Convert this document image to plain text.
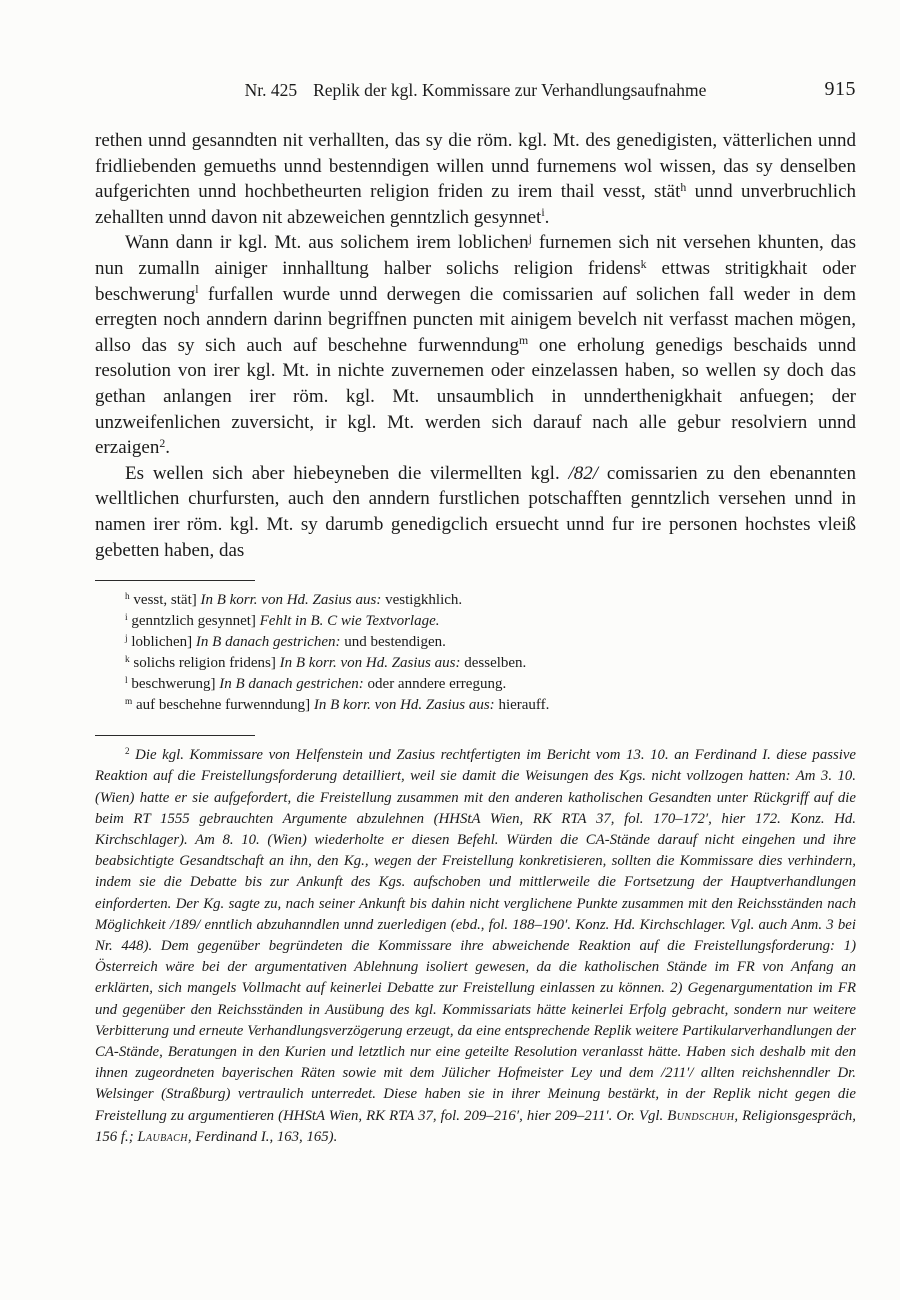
Nr. 425 Replik der kgl. Kommissare zur Verhandlungsaufnahme	915

rethen unnd gesanndten nit verhallten, das sy die röm. kgl. Mt. des genedigisten, vätterlichen unnd fridliebenden gemueths unnd bestenndigen willen unnd furnemens wol wissen, das sy denselben aufgerichten unnd hochbetheurten religion friden zu irem thail vesst, stät$^h$ unnd unverbruchlich zehallten unnd davon nit abzeweichen genntzlich gesynnet$^i$.

Wann dann ir kgl. Mt. aus solichem irem loblichen$^j$ furnemen sich nit versehen khunten, das nun zumalln ainiger innhalltung halber solichs religion fridens$^k$ ettwas stritigkhait oder beschwerung$^l$ furfallen wurde unnd derwegen die comissarien auf solichen fall weder in dem erregten noch anndern darinn begriffnen puncten mit ainigem bevelch nit verfasst machen mögen, allso das sy sich auch auf beschehne furwenndung$^m$ one erholung genedigs beschaids unnd resolution von irer kgl. Mt. in nichte zuvernemen oder einzelassen haben, so wellen sy doch das gethan anlangen irer röm. kgl. Mt. unsaumblich in unnderthenigkhait anfuegen; der unzweifenlichen zuversicht, ir kgl. Mt. werden sich darauf nach alle gebur resolviern unnd erzaigen$^2$.

Es wellen sich aber hiebeyneben die vilermellten kgl. /82/ comissarien zu den ebenannten welltlichen churfursten, auch den anndern furstlichen potschafften genntzlich versehen unnd in namen irer röm. kgl. Mt. sy darumb genedigclich ersuecht unnd fur ire personen hochstes vleiß gebetten haben, das

$^h$ vesst, stät] In B korr. von Hd. Zasius aus: vestigkhlich.
$^i$ genntzlich gesynnet] Fehlt in B. C wie Textvorlage.
$^j$ loblichen] In B danach gestrichen: und bestendigen.
$^k$ solichs religion fridens] In B korr. von Hd. Zasius aus: desselben.
$^l$ beschwerung] In B danach gestrichen: oder anndere erregung.
$^m$ auf beschehne furwenndung] In B korr. von Hd. Zasius aus: hierauff.

$^2$ Die kgl. Kommissare von Helfenstein und Zasius rechtfertigten im Bericht vom 13. 10. an Ferdinand I. diese passive Reaktion auf die Freistellungsforderung detailliert, weil sie damit die Weisungen des Kgs. nicht vollzogen hatten: Am 3. 10. (Wien) hatte er sie aufgefordert, die Freistellung zusammen mit den anderen katholischen Gesandten unter Rückgriff auf die beim RT 1555 gebrauchten Argumente abzulehnen (HHStA Wien, RK RTA 37, fol. 170–172′, hier 172. Konz. Hd. Kirchschlager). Am 8. 10. (Wien) wiederholte er diesen Befehl. Würden die CA-Stände darauf nicht eingehen und ihre beabsichtigte Gesandtschaft an ihn, den Kg., wegen der Freistellung konkretisieren, sollten die Kommissare dies verhindern, indem sie die Debatte bis zur Ankunft des Kgs. aufschoben und mittlerweile die Fortsetzung der Hauptverhandlungen einforderten. Der Kg. sagte zu, nach seiner Ankunft bis dahin nicht verglichene Punkte zusammen mit den Reichsständen nach Möglichkeit /189/ enntlich abzuhanndlen unnd zuerledigen (ebd., fol. 188–190′. Konz. Hd. Kirchschlager. Vgl. auch Anm. 3 bei Nr. 448). Dem gegenüber begründeten die Kommissare ihre abweichende Reaktion auf die Freistellungsforderung: 1) Österreich wäre bei der argumentativen Ablehnung isoliert gewesen, da die katholischen Stände im FR von Anfang an erklärten, sich mangels Vollmacht auf keinerlei Debatte zur Freistellung einlassen zu können. 2) Gegenargumentation im FR und gegenüber den Reichsständen in Ausübung des kgl. Kommissariats hätte keinerlei Erfolg gebracht, sondern nur weitere Verbitterung und erneute Verhandlungsverzögerung erzeugt, da eine entsprechende Replik weitere Partikularverhandlungen der CA-Stände, Beratungen in den Kurien und letztlich nur eine geteilte Resolution veranlasst hätte. Haben sich deshalb mit den ihnen zugeordneten bayerischen Räten sowie mit dem Jülicher Hofmeister Ley und dem /211′/ allten reichshenndler Dr. Welsinger (Straßburg) vertraulich unterredet. Diese haben sie in ihrer Meinung bestärkt, in der Replik nicht gegen die Freistellung zu argumentieren (HHStA Wien, RK RTA 37, fol. 209–216′, hier 209–211′. Or. Vgl. Bundschuh, Religionsgespräch, 156 f.; Laubach, Ferdinand I., 163, 165).
